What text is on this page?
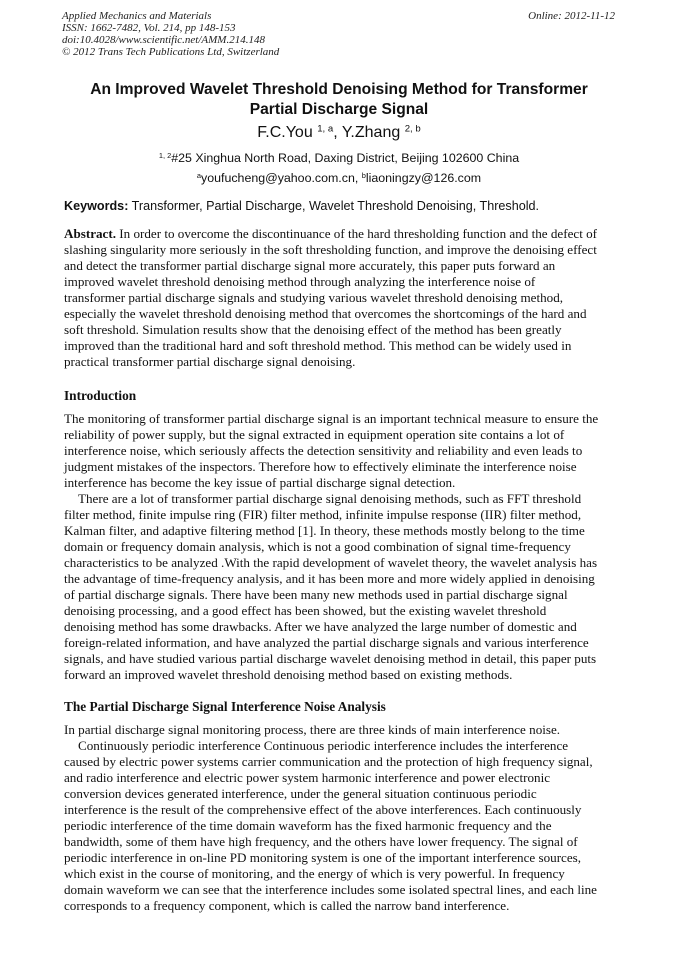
Applied Mechanics and Materials
ISSN: 1662-7482, Vol. 214, pp 148-153
doi:10.4028/www.scientific.net/AMM.214.148
© 2012 Trans Tech Publications Ltd, Switzerland
Online: 2012-11-12
An Improved Wavelet Threshold Denoising Method for Transformer
Partial Discharge Signal
F.C.You $^{1, a}$, Y.Zhang $^{2, b}$
$^{1, 2}$#25 Xinghua North Road, Daxing District, Beijing 102600 China
$^a$youfucheng@yahoo.com.cn, $^b$liaoningzy@126.com
Keywords: Transformer, Partial Discharge, Wavelet Threshold Denoising, Threshold.
Abstract. In order to overcome the discontinuance of the hard thresholding function and the defect of
slashing singularity more seriously in the soft thresholding function, and improve the denoising effect
and detect the transformer partial discharge signal more accurately, this paper puts forward an
improved wavelet threshold denoising method through analyzing the interference noise of
transformer partial discharge signals and studying various wavelet threshold denoising method,
especially the wavelet threshold denoising method that overcomes the shortcomings of the hard and
soft threshold. Simulation results show that the denoising effect of the method has been greatly
improved than the traditional hard and soft threshold method. This method can be widely used in
practical transformer partial discharge signal denoising.
Introduction
The monitoring of transformer partial discharge signal is an important technical measure to ensure the
reliability of power supply, but the signal extracted in equipment operation site contains a lot of
interference noise, which seriously affects the detection sensitivity and reliability and even leads to
judgment mistakes of the inspectors. Therefore how to effectively eliminate the interference noise
interference has become the key issue of partial discharge signal detection.
There are a lot of transformer partial discharge signal denoising methods, such as FFT threshold
filter method, finite impulse ring (FIR) filter method, infinite impulse response (IIR) filter method,
Kalman filter, and adaptive filtering method [1]. In theory, these methods mostly belong to the time
domain or frequency domain analysis, which is not a good combination of signal time-frequency
characteristics to be analyzed .With the rapid development of wavelet theory, the wavelet analysis has
the advantage of time-frequency analysis, and it has been more and more widely applied in denoising
of partial discharge signals. There have been many new methods used in partial discharge signal
denoising processing, and a good effect has been showed, but the existing wavelet threshold
denoising method has some drawbacks. After we have analyzed the large number of domestic and
foreign-related information, and have analyzed the partial discharge signals and various interference
signals, and have studied various partial discharge wavelet denoising method in detail, this paper puts
forward an improved wavelet threshold denoising method based on existing methods.
The Partial Discharge Signal Interference Noise Analysis
In partial discharge signal monitoring process, there are three kinds of main interference noise.
Continuously periodic interference Continuous periodic interference includes the interference
caused by electric power systems carrier communication and the protection of high frequency signal,
and radio interference and electric power system harmonic interference and power electronic
conversion devices generated interference, under the general situation continuous periodic
interference is the result of the comprehensive effect of the above interferences. Each continuously
periodic interference of the time domain waveform has the fixed harmonic frequency and the
bandwidth, some of them have high frequency, and the others have lower frequency. The signal of
periodic interference in on-line PD monitoring system is one of the important interference sources,
which exist in the course of monitoring, and the energy of which is very powerful. In frequency
domain waveform we can see that the interference includes some isolated spectral lines, and each line
corresponds to a frequency component, which is called the narrow band interference.
